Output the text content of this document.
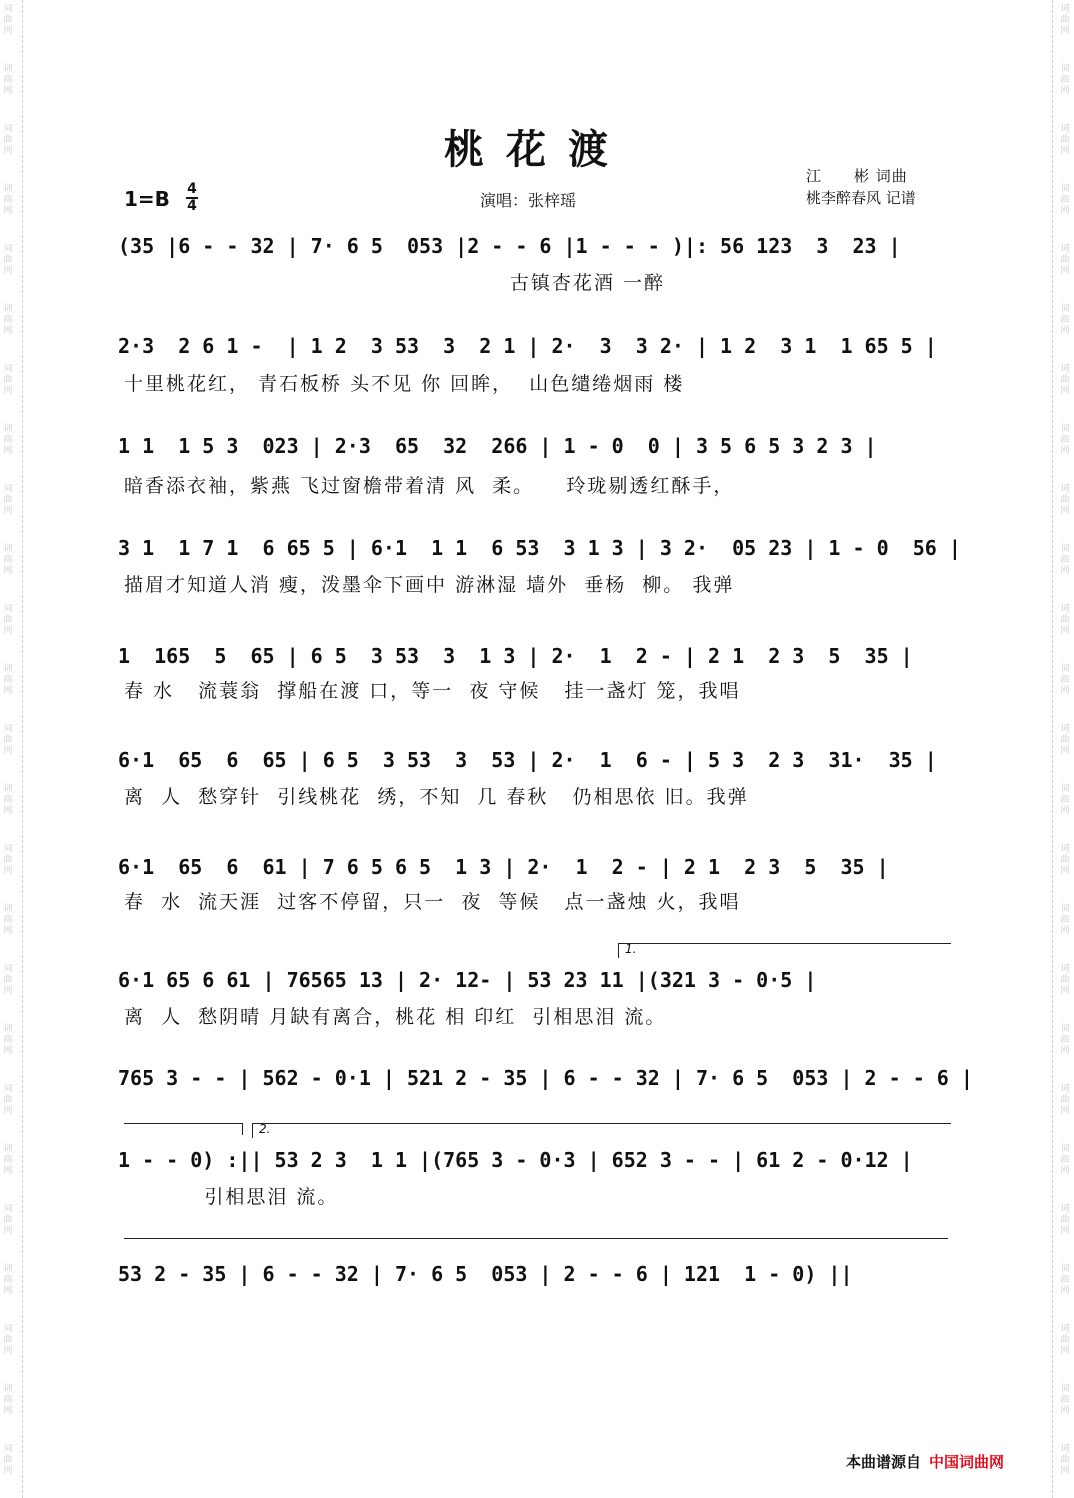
词
曲
网
词
曲
网
词
曲
网
词
曲
网
词
曲
网
词
曲
网
词
曲
网
词
曲
网
词
曲
网
词
曲
网
词
曲
网
词
曲
网
词
曲
网
词
曲
网
词
曲
网
词
曲
网
词
曲
网
词
曲
网
词
曲
网
词
曲
网
词
曲
网
词
曲
网
词
曲
网
词
曲
网
词
曲
网
词
曲
网
词
曲
网
词
曲
网
词
曲
网
词
曲
网
词
曲
网
词
曲
网
词
曲
网
词
曲
网
词
曲
网
词
曲
网
词
曲
网
词
曲
网
词
曲
网
词
曲
网
词
曲
网
词
曲
网
词
曲
网
词
曲
网
词
曲
网
词
曲
网
词
曲
网
词
曲
网
词
曲
网
词
曲
网
桃花渡
1=B 4
4	演唱：张梓瑶
江　　彬 词曲
桃李醉春风 记谱
(35 |6 - - 32 | 7· 6 5  053 |2 - - 6 |1 - - - )|: 56 123  3  23 |
古镇杏花酒 一醉
2·3  2 6 1 -  | 1 2  3 53  3  2 1 | 2·  3  3 2· | 1 2  3 1  1 65 5 |
十里桃花红， 青石板桥 头不见 你 回眸，  山色缱绻烟雨 楼
1 1  1 5 3  023 | 2·3  65  32  266 | 1 - 0  0 | 3 5 6 5 3 2 3 |
暗香添衣袖，紫燕 飞过窗檐带着清 风  柔。    玲珑剔透红酥手，
3 1  1 7 1  6 65 5 | 6·1  1 1  6 53  3 1 3 | 3 2·  05 23 | 1 - 0  56 |
描眉才知道人消 瘦，泼墨伞下画中 游淋湿 墙外  垂杨  柳。 我弹
1  165  5  65 | 6 5  3 53  3  1 3 | 2·  1  2 - | 2 1  2 3  5  35 |
春 水   流蓑翁  撑船在渡 口，等一  夜 守候   挂一盏灯 笼，我唱
6·1  65  6  65 | 6 5  3 53  3  53 | 2·  1  6 - | 5 3  2 3  31·  35 |
离  人  愁穿针  引线桃花  绣，不知  几 春秋   仍相思依 旧。我弹
6·1  65  6  61 | 7 6 5 6 5  1 3 | 2·  1  2 - | 2 1  2 3  5  35 |
春  水  流天涯  过客不停留，只一  夜  等候   点一盏烛 火，我唱
1.
6·1 65 6 61 | 76565 13 | 2· 12- | 53 23 11 |(321 3 - 0·5 |
离  人  愁阴晴 月缺有离合，桃花 相 印红  引相思泪 流。
765 3 - - | 562 - 0·1 | 521 2 - 35 | 6 - - 32 | 7· 6 5  053 | 2 - - 6 |
2.
1 - - 0) :|| 53 2 3  1 1 |(765 3 - 0·3 | 652 3 - - | 61 2 - 0·12 |
引相思泪 流。
53 2 - 35 | 6 - - 32 | 7· 6 5  053 | 2 - - 6 | 121  1 - 0) ||
本曲谱源自 中国词曲网
